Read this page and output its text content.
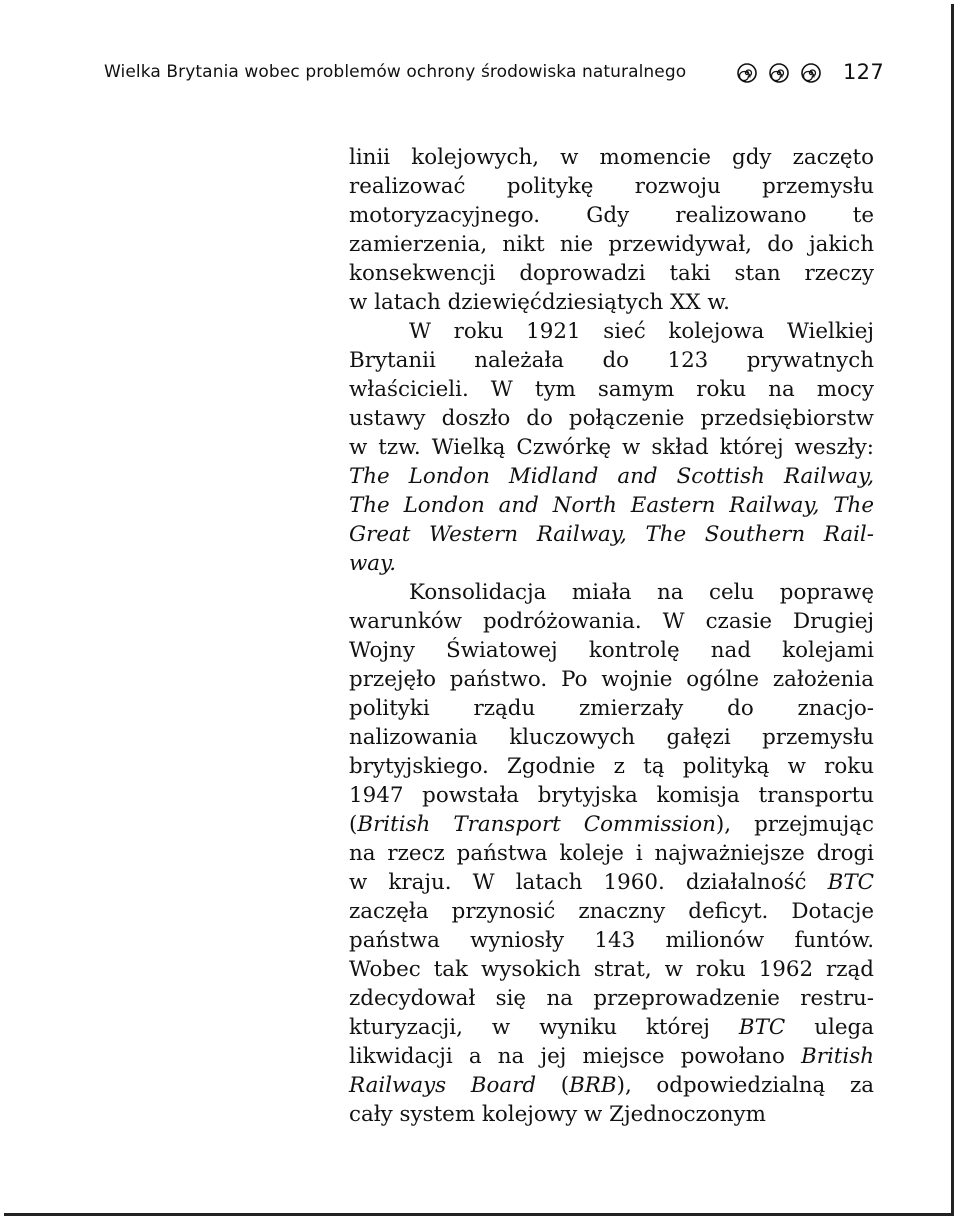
Wielka Brytania wobec problemów ochrony środowiska naturalnego	127
linii kolejowych, w momencie gdy zaczęto
realizować politykę rozwoju przemysłu
motoryzacyjnego. Gdy realizowano te
zamierzenia, nikt nie przewidywał, do jakich
konsekwencji doprowadzi taki stan rzeczy
w latach dziewięćdziesiątych XX w.
W roku 1921 sieć kolejowa Wielkiej
Brytanii należała do 123 prywatnych
właścicieli. W tym samym roku na mocy
ustawy doszło do połączenie przedsiębiorstw
w tzw. Wielką Czwórkę w skład której weszły:
The London Midland and Scottish Railway,
The London and North Eastern Railway, The
Great Western Railway, The Southern Rail-
way.
Konsolidacja miała na celu poprawę
warunków podróżowania. W czasie Drugiej
Wojny Światowej kontrolę nad kolejami
przejęło państwo. Po wojnie ogólne założenia
polityki rządu zmierzały do znacjo-
nalizowania kluczowych gałęzi przemysłu
brytyjskiego. Zgodnie z tą polityką w roku
1947 powstała brytyjska komisja transportu
(British Transport Commission), przejmując
na rzecz państwa koleje i najważniejsze drogi
w kraju. W latach 1960. działalność BTC
zaczęła przynosić znaczny deficyt. Dotacje
państwa wyniosły 143 milionów funtów.
Wobec tak wysokich strat, w roku 1962 rząd
zdecydował się na przeprowadzenie restru-
kturyzacji, w wyniku której BTC ulega
likwidacji a na jej miejsce powołano British
Railways Board (BRB), odpowiedzialną za
cały system kolejowy w Zjednoczonym
